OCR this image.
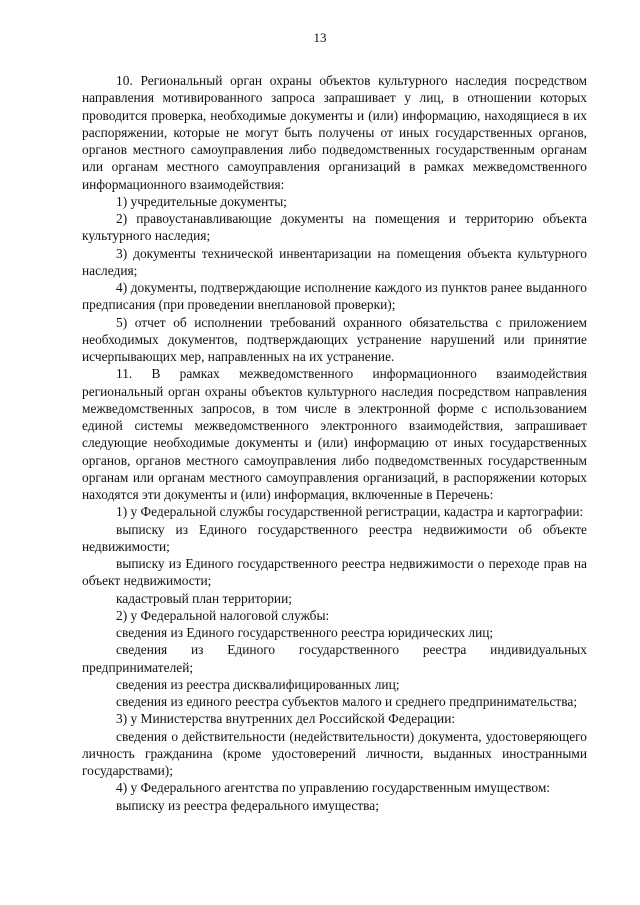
13

10. Региональный орган охраны объектов культурного наследия посредством направления мотивированного запроса запрашивает у лиц, в отношении которых проводится проверка, необходимые документы и (или) информацию, находящиеся в их распоряжении, которые не могут быть получены от иных государственных органов, органов местного самоуправления либо подведомственных государственным органам или органам местного самоуправления организаций в рамках межведомственного информационного взаимодействия:

1) учредительные документы;

2) правоустанавливающие документы на помещения и территорию объекта культурного наследия;

3) документы технической инвентаризации на помещения объекта культурного наследия;

4) документы, подтверждающие исполнение каждого из пунктов ранее выданного предписания (при проведении внеплановой проверки);

5) отчет об исполнении требований охранного обязательства с приложением необходимых документов, подтверждающих устранение нарушений или принятие исчерпывающих мер, направленных на их устранение.

11. В рамках межведомственного информационного взаимодействия региональный орган охраны объектов культурного наследия посредством направления межведомственных запросов, в том числе в электронной форме с использованием единой системы межведомственного электронного взаимодействия, запрашивает следующие необходимые документы и (или) информацию от иных государственных органов, органов местного самоуправления либо подведомственных государственным органам или органам местного самоуправления организаций, в распоряжении которых находятся эти документы и (или) информация, включенные в Перечень:

1) у Федеральной службы государственной регистрации, кадастра и картографии:

выписку из Единого государственного реестра недвижимости об объекте недвижимости;

выписку из Единого государственного реестра недвижимости о переходе прав на объект недвижимости;

кадастровый план территории;

2) у Федеральной налоговой службы:

сведения из Единого государственного реестра юридических лиц;

сведения из Единого государственного реестра индивидуальных предпринимателей;

сведения из реестра дисквалифицированных лиц;

сведения из единого реестра субъектов малого и среднего предпринимательства;

3) у Министерства внутренних дел Российской Федерации:

сведения о действительности (недействительности) документа, удостоверяющего личность гражданина (кроме удостоверений личности, выданных иностранными государствами);

4) у Федерального агентства по управлению государственным имуществом:

выписку из реестра федерального имущества;
